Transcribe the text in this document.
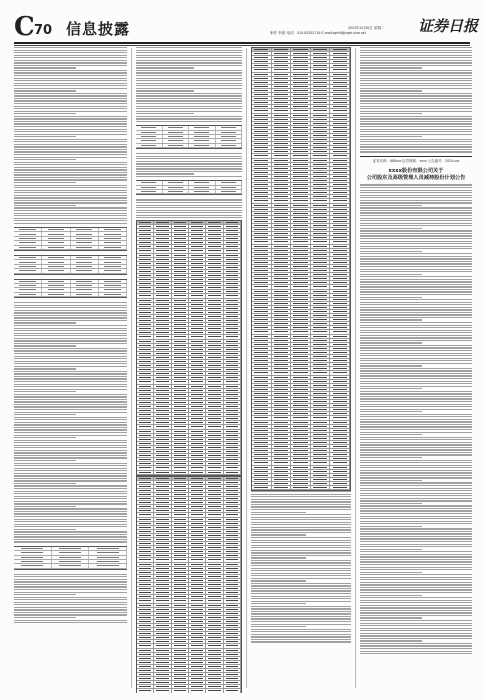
C 70 信息披露	2024年4月30日 星期二
制作 李波 电话：010-83251716 E-mail:zqrb9@zqrb.sina.net	证券日报
证券代码：688xxx 证券简称：xxxx 公告编号：2024-xxx
xxxx股份有限公司关于
公司股东及高级管理人员减持股份计划公告
